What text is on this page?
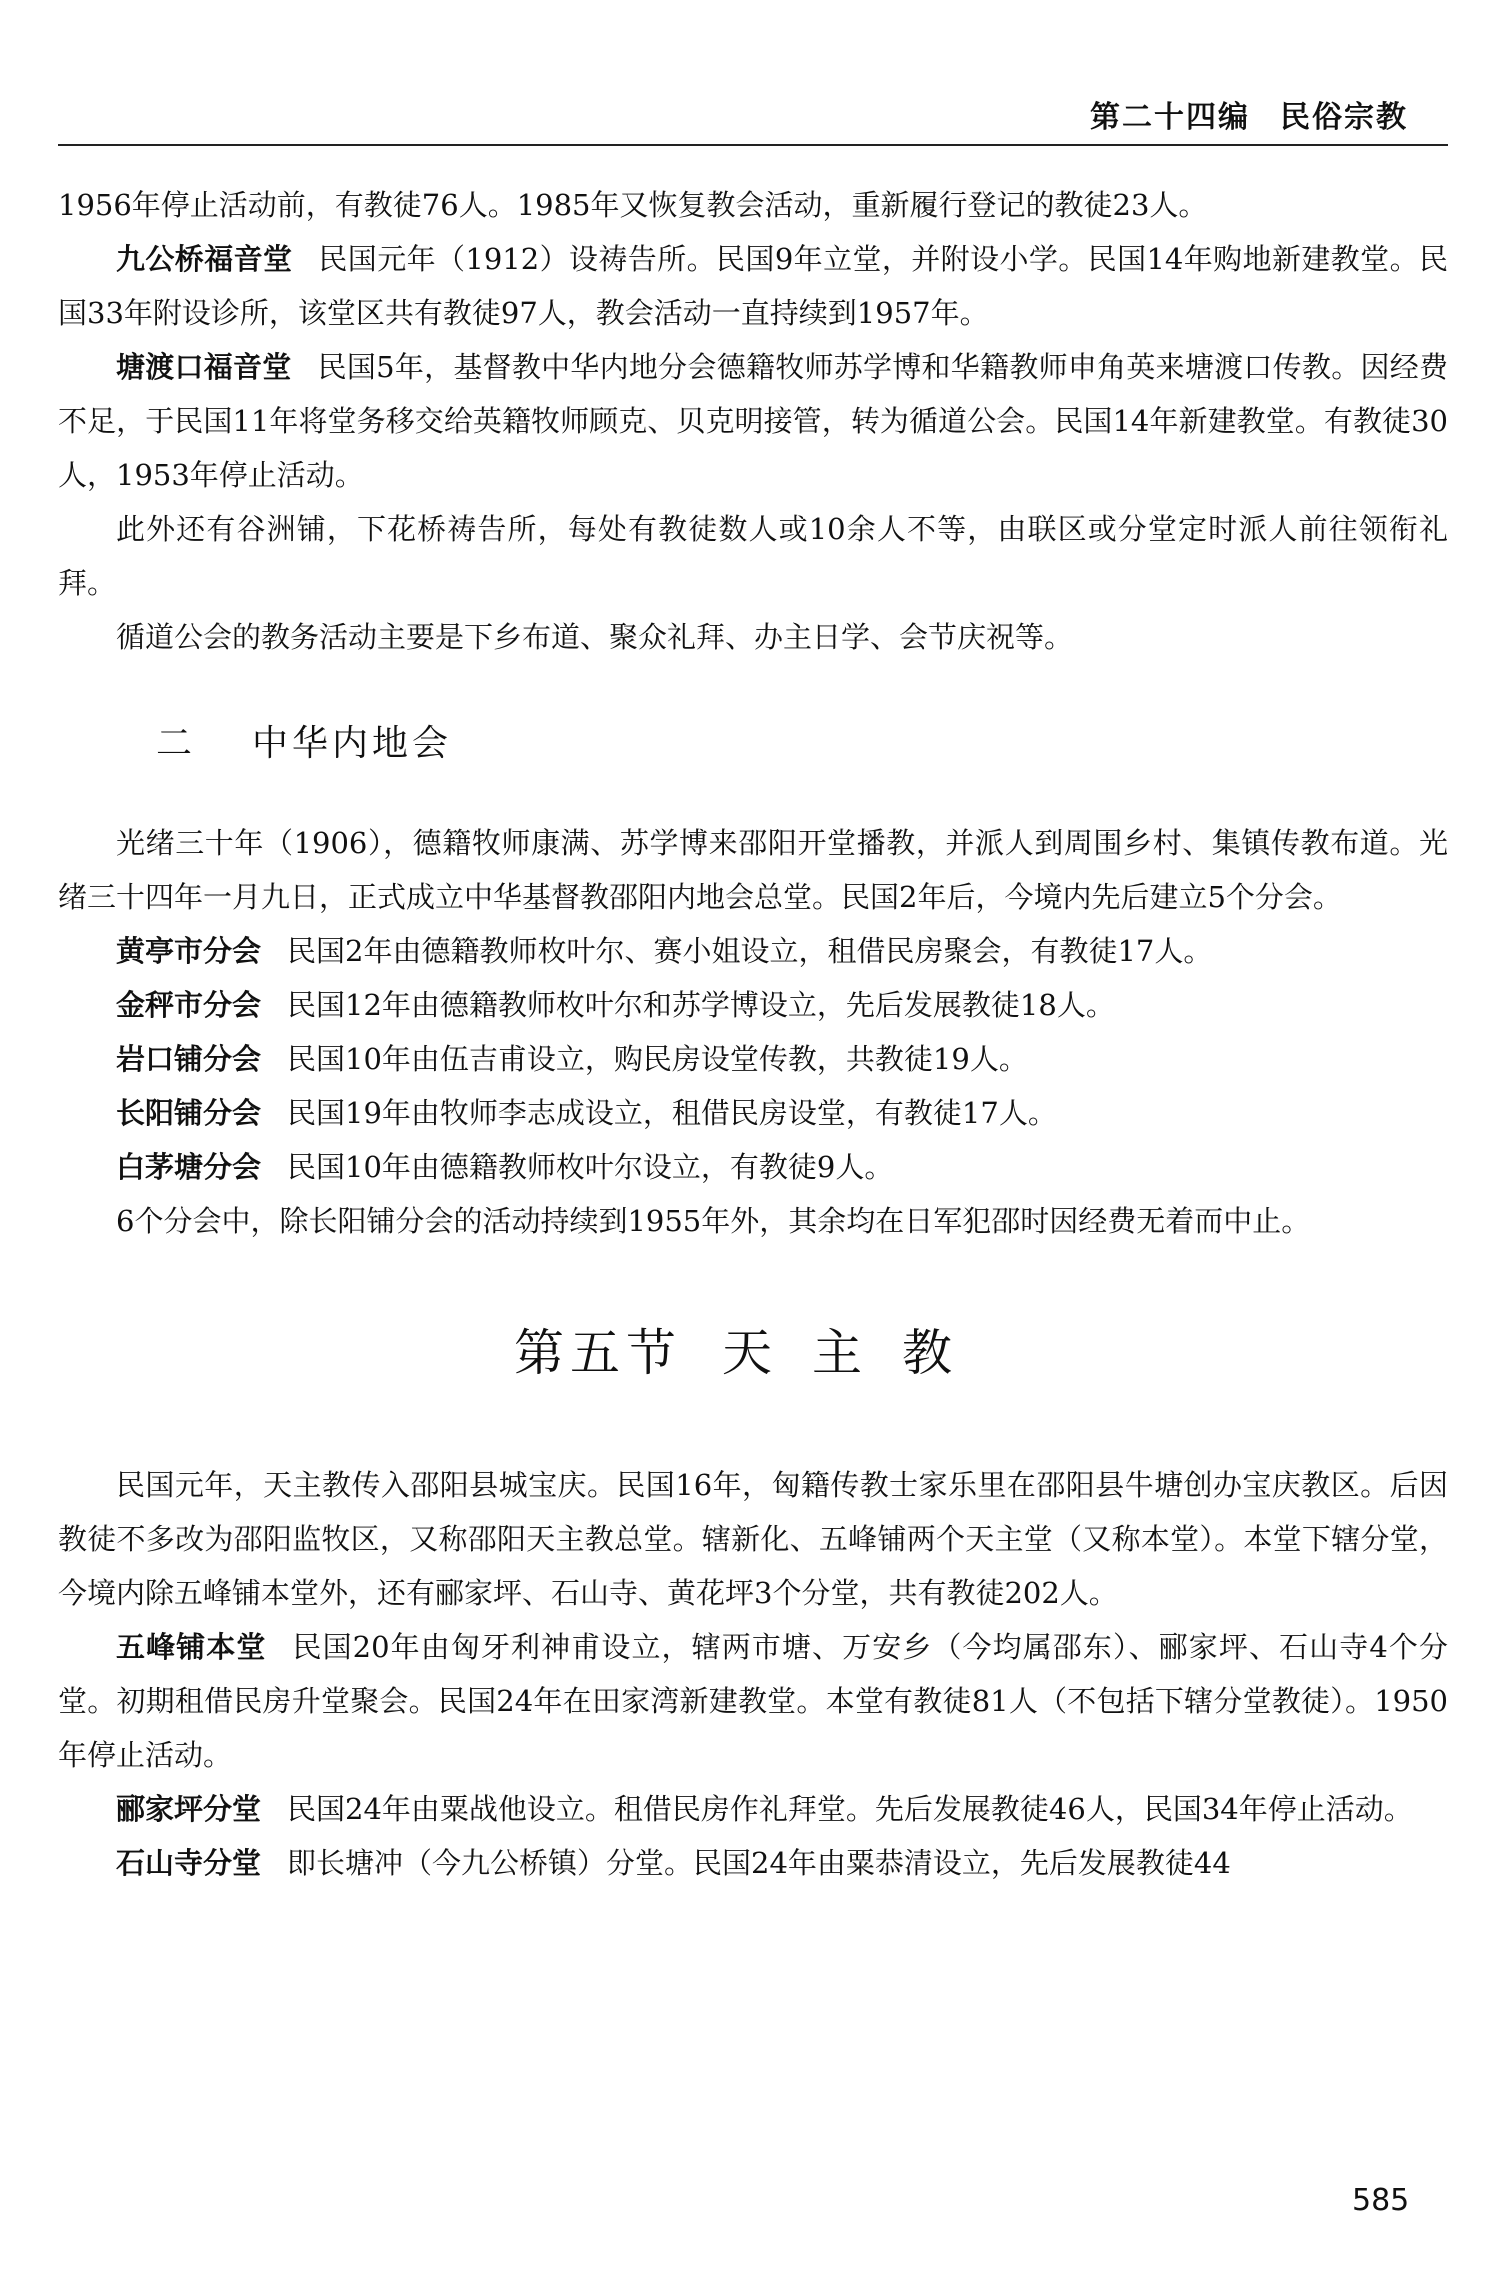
第二十四编 民俗宗教

1956年停止活动前，有教徒76人。1985年又恢复教会活动，重新履行登记的教徒23人。

九公桥福音堂 民国元年（1912）设祷告所。民国9年立堂，并附设小学。民国14年购地新建教堂。民国33年附设诊所，该堂区共有教徒97人，教会活动一直持续到1957年。

塘渡口福音堂 民国5年，基督教中华内地分会德籍牧师苏学博和华籍教师申角英来塘渡口传教。因经费不足，于民国11年将堂务移交给英籍牧师顾克、贝克明接管，转为循道公会。民国14年新建教堂。有教徒30人，1953年停止活动。

此外还有谷洲铺，下花桥祷告所，每处有教徒数人或10余人不等，由联区或分堂定时派人前往领衔礼拜。

循道公会的教务活动主要是下乡布道、聚众礼拜、办主日学、会节庆祝等。

二 中华内地会

光绪三十年（1906），德籍牧师康满、苏学博来邵阳开堂播教，并派人到周围乡村、集镇传教布道。光绪三十四年一月九日，正式成立中华基督教邵阳内地会总堂。民国2年后，今境内先后建立5个分会。

黄亭市分会 民国2年由德籍教师枚叶尔、赛小姐设立，租借民房聚会，有教徒17人。

金秤市分会 民国12年由德籍教师枚叶尔和苏学博设立，先后发展教徒18人。

岩口铺分会 民国10年由伍吉甫设立，购民房设堂传教，共教徒19人。

长阳铺分会 民国19年由牧师李志成设立，租借民房设堂，有教徒17人。

白茅塘分会 民国10年由德籍教师枚叶尔设立，有教徒9人。

6个分会中，除长阳铺分会的活动持续到1955年外，其余均在日军犯邵时因经费无着而中止。

第五节 天主教

民国元年，天主教传入邵阳县城宝庆。民国16年，匈籍传教士家乐里在邵阳县牛塘创办宝庆教区。后因教徒不多改为邵阳监牧区，又称邵阳天主教总堂。辖新化、五峰铺两个天主堂（又称本堂）。本堂下辖分堂，今境内除五峰铺本堂外，还有郦家坪、石山寺、黄花坪3个分堂，共有教徒202人。

五峰铺本堂 民国20年由匈牙利神甫设立，辖两市塘、万安乡（今均属邵东）、郦家坪、石山寺4个分堂。初期租借民房升堂聚会。民国24年在田家湾新建教堂。本堂有教徒81人（不包括下辖分堂教徒）。1950年停止活动。

郦家坪分堂 民国24年由粟战他设立。租借民房作礼拜堂。先后发展教徒46人，民国34年停止活动。

石山寺分堂 即长塘冲（今九公桥镇）分堂。民国24年由粟恭清设立，先后发展教徒44

585
